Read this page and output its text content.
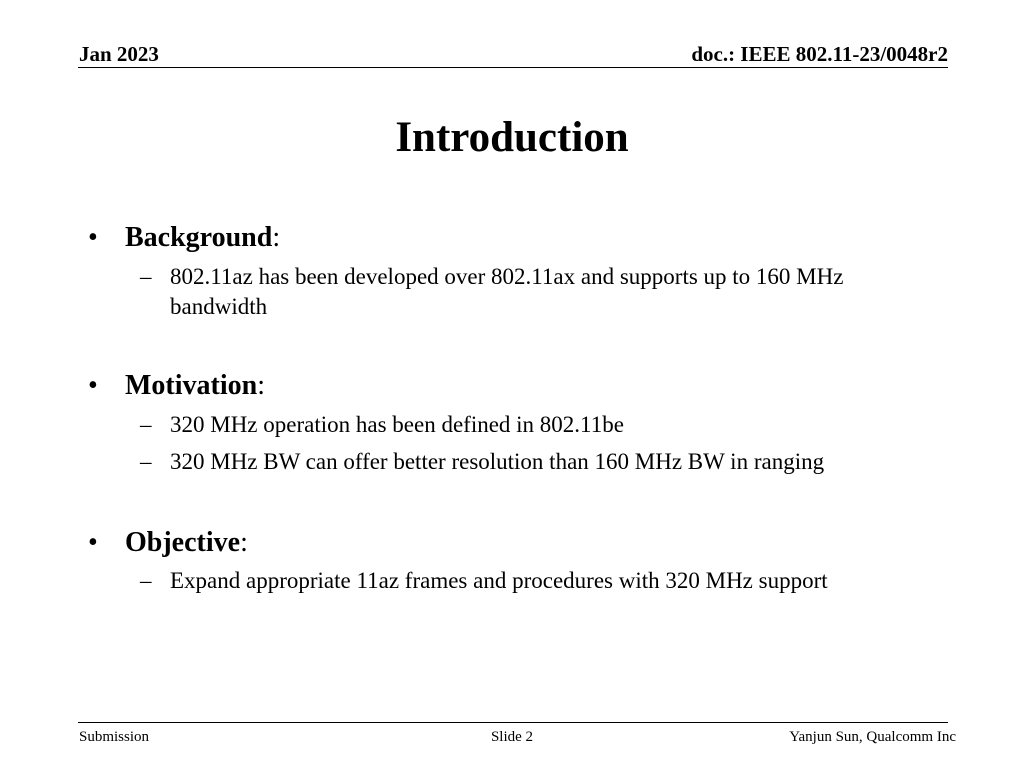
Jan 2023	doc.: IEEE 802.11-23/0048r2
Introduction
• Background:
– 802.11az has been developed over 802.11ax and supports up to 160 MHz bandwidth
• Motivation:
– 320 MHz operation has been defined in 802.11be
– 320 MHz BW can offer better resolution than 160 MHz BW in ranging
• Objective:
– Expand appropriate 11az frames and procedures with 320 MHz support
Submission	Slide 2	Yanjun Sun, Qualcomm Inc
